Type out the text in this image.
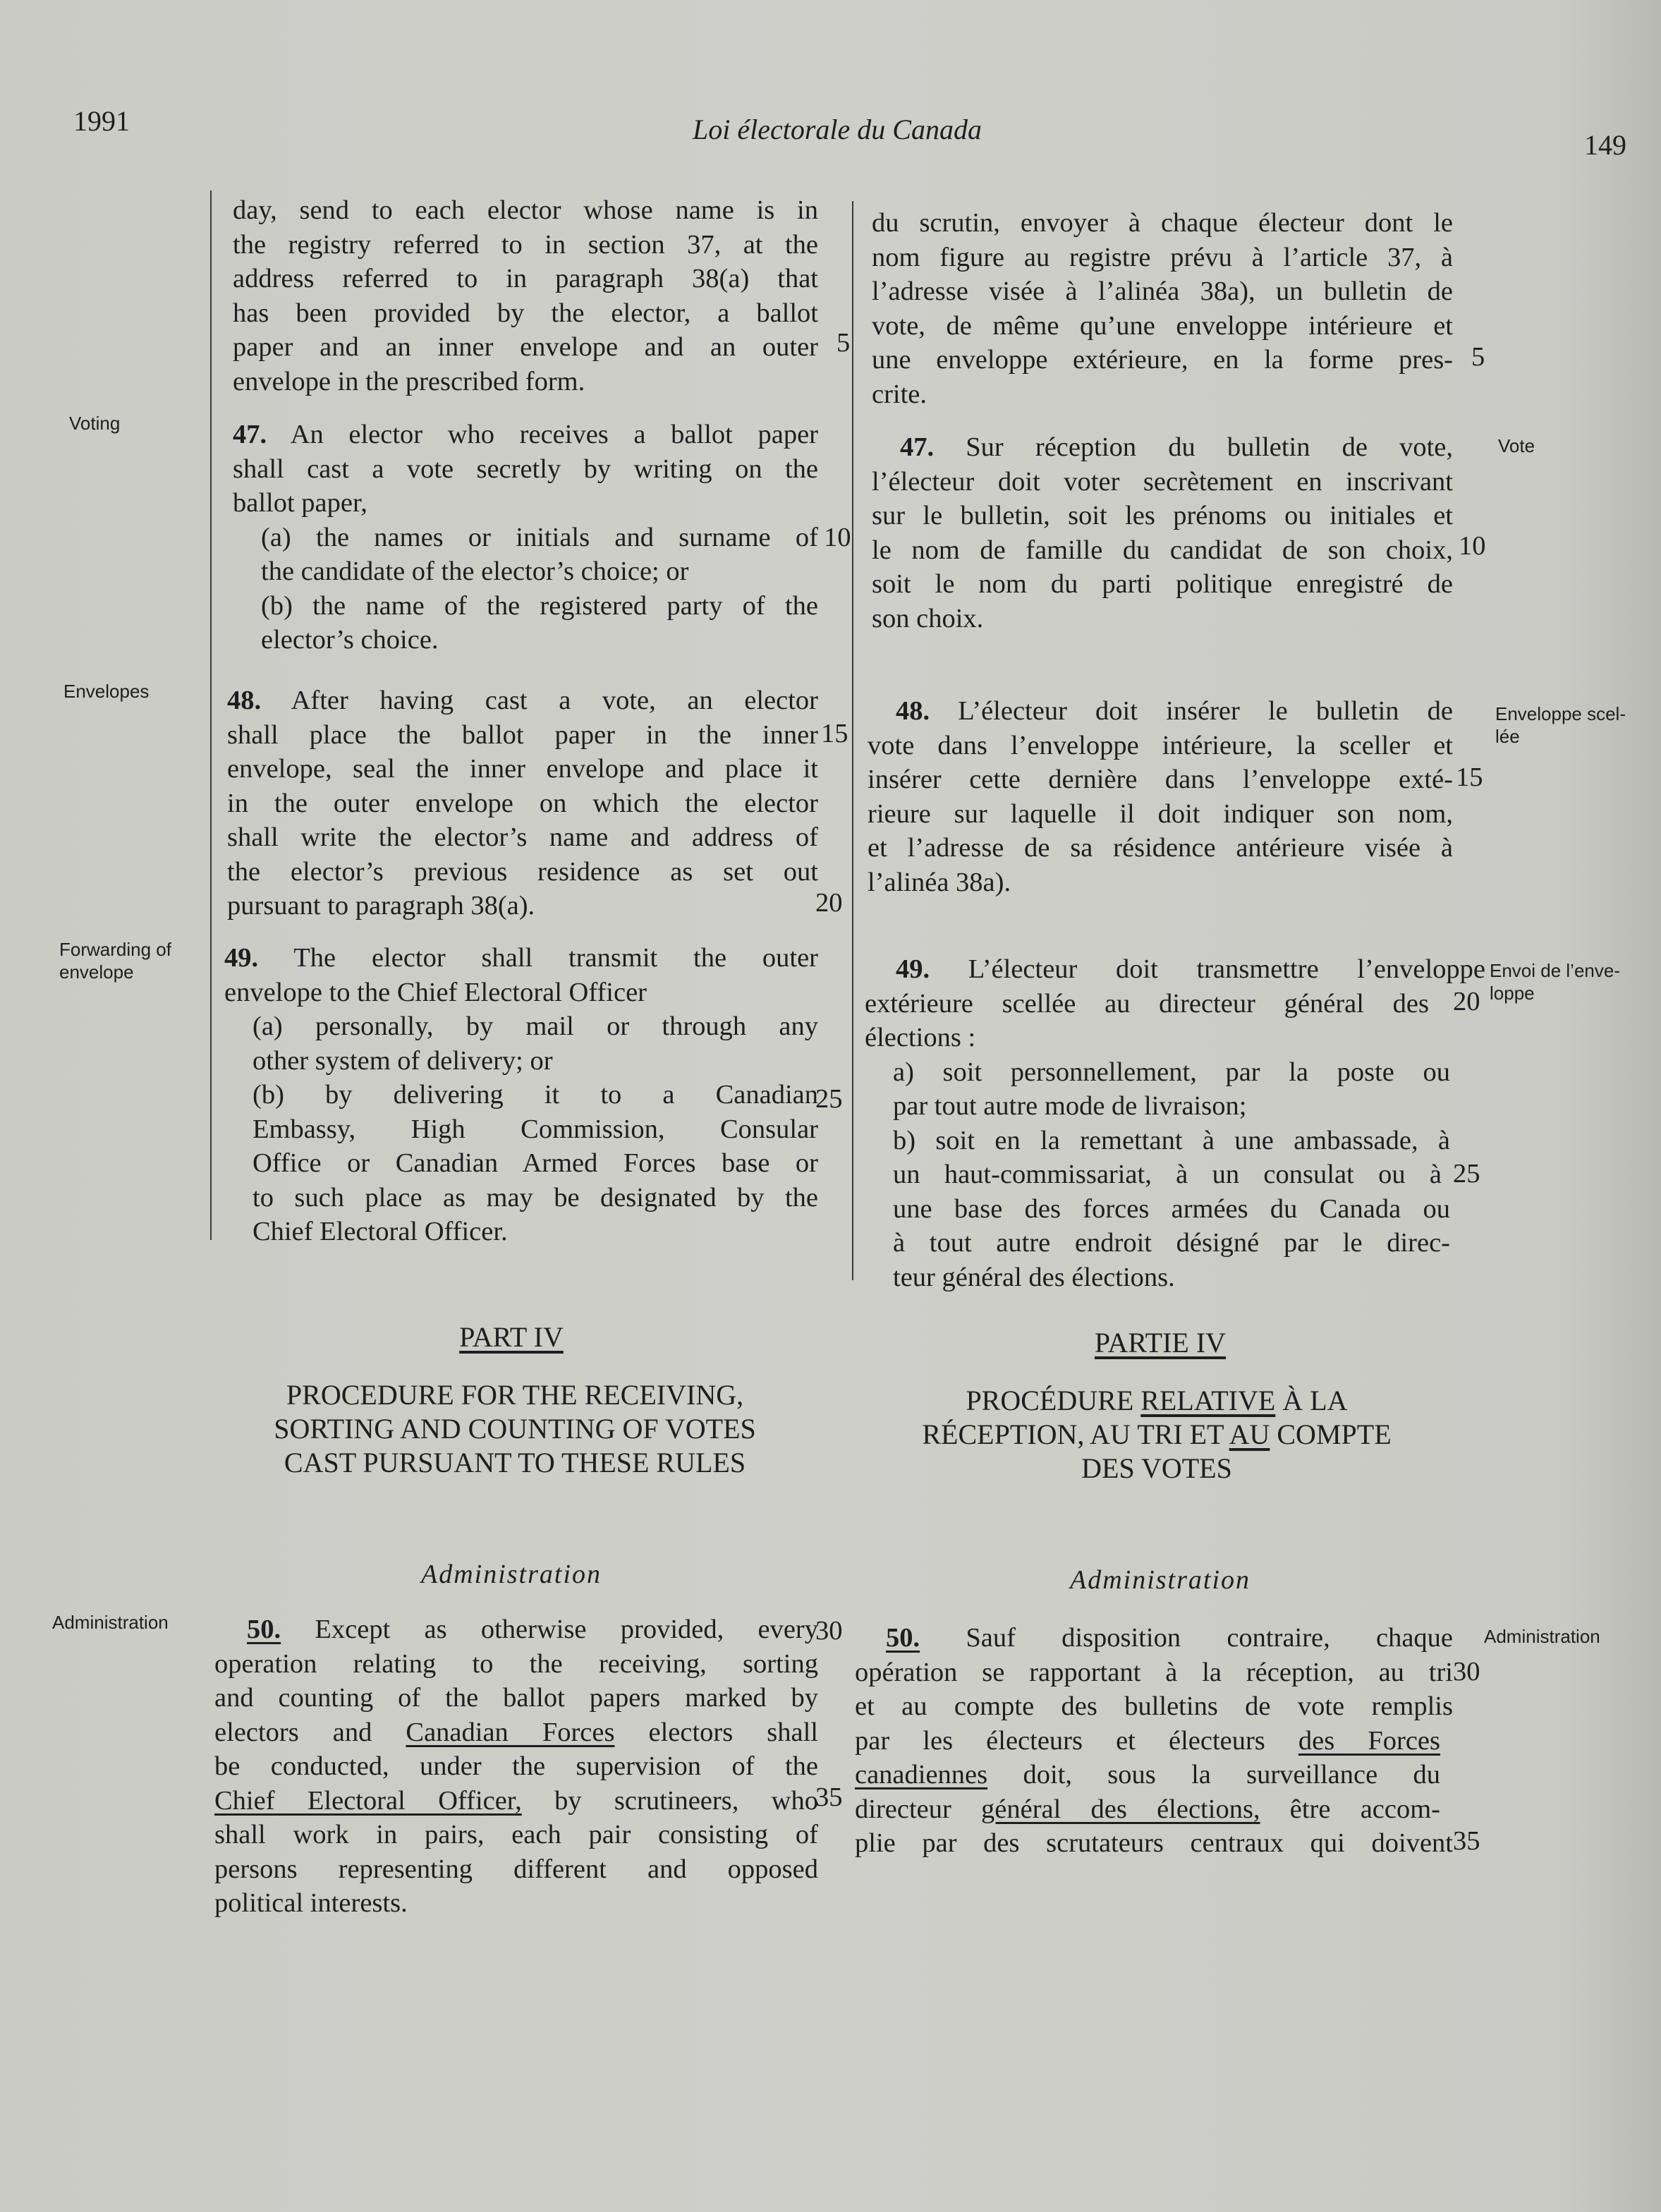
1991	Loi électorale du Canada	149
day, send to each elector whose name is in
the registry referred to in section 37, at the
address referred to in paragraph 38(a) that
has been provided by the elector, a ballot
paper and an inner envelope and an outer
envelope in the prescribed form.
Voting	47. An elector who receives a ballot paper
shall cast a vote secretly by writing on the
ballot paper,
(a) the names or initials and surname of
the candidate of the elector’s choice; or
(b) the name of the registered party of the
elector’s choice.
Envelopes	48. After having cast a vote, an elector
shall place the ballot paper in the inner
envelope, seal the inner envelope and place it
in the outer envelope on which the elector
shall write the elector’s name and address of
the elector’s previous residence as set out
pursuant to paragraph 38(a).
Forwarding of envelope	49. The elector shall transmit the outer
envelope to the Chief Electoral Officer
(a) personally, by mail or through any
other system of delivery; or
(b) by delivering it to a Canadian
Embassy, High Commission, Consular
Office or Canadian Armed Forces base or
to such place as may be designated by the
Chief Electoral Officer.
PART IV
PROCEDURE FOR THE RECEIVING,
SORTING AND COUNTING OF VOTES
CAST PURSUANT TO THESE RULES
Administration
Administration	50. Except as otherwise provided, every
operation relating to the receiving, sorting
and counting of the ballot papers marked by
electors and Canadian Forces electors shall
be conducted, under the supervision of the
Chief Electoral Officer, by scrutineers, who
shall work in pairs, each pair consisting of
persons representing different and opposed
political interests.
5
10
15
20
25
30
35
du scrutin, envoyer à chaque électeur dont le
nom figure au registre prévu à l’article 37, à
l’adresse visée à l’alinéa 38a), un bulletin de
vote, de même qu’une enveloppe intérieure et
une enveloppe extérieure, en la forme pres-
crite.
Vote
47. Sur réception du bulletin de vote,
l’électeur doit voter secrètement en inscrivant
sur le bulletin, soit les prénoms ou initiales et
le nom de famille du candidat de son choix,
soit le nom du parti politique enregistré de
son choix.
Enveloppe scel-lée
48. L’électeur doit insérer le bulletin de
vote dans l’enveloppe intérieure, la sceller et
insérer cette dernière dans l’enveloppe exté-
rieure sur laquelle il doit indiquer son nom,
et l’adresse de sa résidence antérieure visée à
l’alinéa 38a).
Envoi de l’enve-loppe
49. L’électeur doit transmettre l’enveloppe
extérieure scellée au directeur général des
élections :
a) soit personnellement, par la poste ou
par tout autre mode de livraison;
b) soit en la remettant à une ambassade, à
un haut-commissariat, à un consulat ou à
une base des forces armées du Canada ou
à tout autre endroit désigné par le direc-
teur général des élections.
PARTIE IV
PROCÉDURE RELATIVE À LA
RÉCEPTION, AU TRI ET AU COMPTE
DES VOTES
Administration
Administration
50. Sauf disposition contraire, chaque
opération se rapportant à la réception, au tri
et au compte des bulletins de vote remplis
par les électeurs et électeurs des Forces
canadiennes doit, sous la surveillance du
directeur général des élections, être accom-
plie par des scrutateurs centraux qui doivent
5
10
15
20
25
30
35
